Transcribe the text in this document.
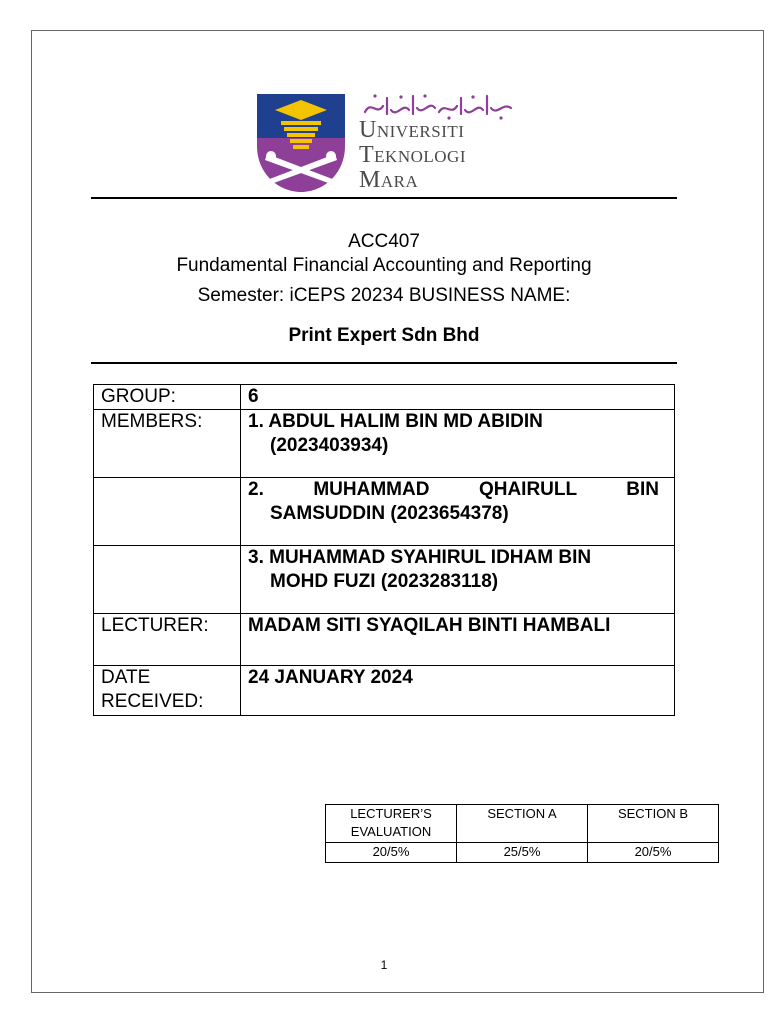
Universiti
Teknologi
Mara
ACC407
Fundamental Financial Accounting and Reporting
Semester: iCEPS 20234 BUSINESS NAME:
Print Expert Sdn Bhd
GROUP:	6
MEMBERS:	1. ABDUL HALIM BIN MD ABIDIN
(2023403934)

	2. MUHAMMAD QHAIRULL BIN
SAMSUDDIN (2023654378)

	3. MUHAMMAD SYAHIRUL IDHAM BIN
MOHD FUZI (2023283118)

LECTURER:	MADAM SITI SYAQILAH BINTI HAMBALI

DATE
RECEIVED:	24 JANUARY 2024
LECTURER’S EVALUATION	SECTION A	SECTION B
20/5%	25/5%	20/5%
1
